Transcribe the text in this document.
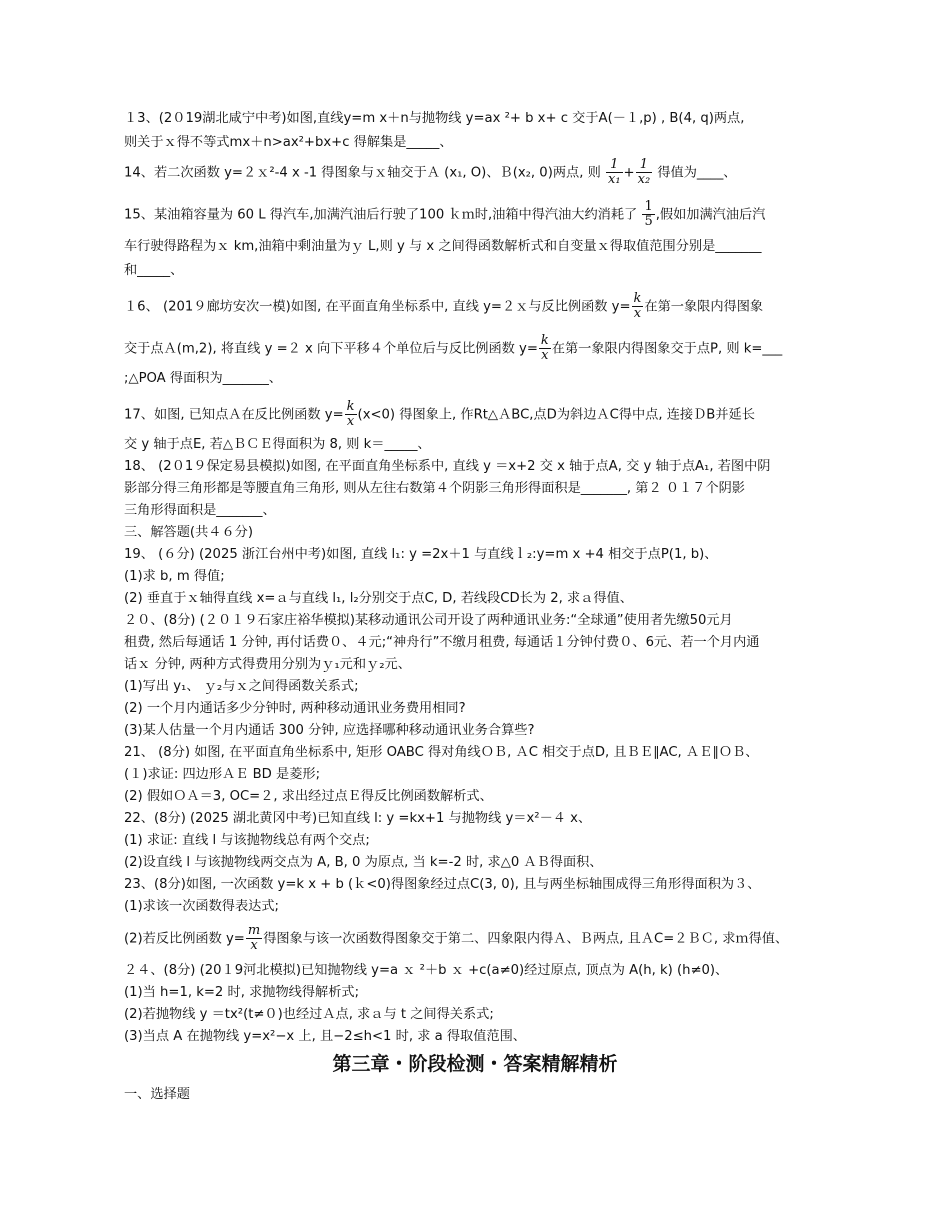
１3、(2０19湖北咸宁中考)如图,直线y=m x＋n与抛物线 y=ax ²+ b x+ c 交于A(－１,p) , B(4, q)两点,
则关于ｘ得不等式mx＋n>ax²+bx+c 得解集是_____、
14、若二次函数 y=２ｘ²-4 x -1 得图象与ｘ轴交于Ａ (x₁, O)、Ｂ(x₂, 0)两点, 则 $\frac{1}{\text{x₁}} + \frac{1}{\text{x₂}}$ 得值为____、
15、某油箱容量为 60 L 得汽车,加满汽油后行驶了100 ｋｍ时,油箱中得汽油大约消耗了 $\frac{1}{5}$ ,假如加满汽油后汽
车行驶得路程为ｘ km,油箱中剩油量为ｙ L,则 y 与 x 之间得函数解析式和自变量ｘ得取值范围分别是_______
和_____、
１6、 (201９廊坊安次一模)如图, 在平面直角坐标系中, 直线 y=２ｘ与反比例函数 $y= \frac{k}{x}$ 在第一象限内得图象
交于点Ａ(m,2), 将直线 y =２ x 向下平移４个单位后与反比例函数 $y= \frac{k}{x}$ 在第一象限内得图象交于点P, 则 k=___
;△POA 得面积为_______、
17、如图, 已知点Ａ在反比例函数 $y= \frac{k}{x} (x<0)$ 得图象上, 作Rt△ＡBC,点D为斜边ＡC得中点, 连接ＤB并延长
交 y 轴于点E, 若△ＢＣＥ得面积为 8, 则 k＝_____、
18、 (2０1９保定易县模拟)如图, 在平面直角坐标系中, 直线 y ＝x+2 交 x 轴于点A, 交 y 轴于点A₁, 若图中阴
影部分得三角形都是等腰直角三角形, 则从左往右数第４个阴影三角形得面积是_______, 第２ ０１７个阴影
三角形得面积是_______、
三、解答题(共４６分)
19、 (６分) (2025 浙江台州中考)如图, 直线 l₁: y =2x＋1 与直线ｌ₂:y=m x +4 相交于点P(1, b)、
(1)求 b, m 得值;
(2) 垂直于ｘ轴得直线 x=ａ与直线 l₁, l₂分别交于点C, D, 若线段CD长为 2, 求ａ得值、
２０、(8分) (２０１９石家庄裕华模拟)某移动通讯公司开设了两种通讯业务:“全球通”使用者先缴50元月
租费, 然后每通话 1 分钟, 再付话费０、４元;“神舟行”不缴月租费, 每通话１分钟付费０、6元、若一个月内通
话ｘ 分钟, 两种方式得费用分别为ｙ₁元和ｙ₂元、
(1)写出 y₁、 ｙ₂与ｘ之间得函数关系式;
(2) 一个月内通话多少分钟时, 两种移动通讯业务费用相同?
(3)某人估量一个月内通话 300 分钟, 应选择哪种移动通讯业务合算些?
21、 (8分) 如图, 在平面直角坐标系中, 矩形 OABC 得对角线ＯＢ, ＡC 相交于点D, 且ＢＥ∥AC, ＡＥ∥ＯＢ、
(１)求证: 四边形ＡＥ BD 是菱形;
(2) 假如ＯＡ＝3, OC=２, 求出经过点Ｅ得反比例函数解析式、
22、(8分) (2025 湖北黄冈中考)已知直线 l: y =kx+1 与抛物线 y＝x²－４ x、
(1) 求证: 直线 l 与该抛物线总有两个交点;
(2)设直线 l 与该抛物线两交点为 A, B, 0 为原点, 当 k=-2 时, 求△0 ＡＢ得面积、
23、(8分)如图, 一次函数 y=k x + b (ｋ<0)得图象经过点C(3, 0), 且与两坐标轴围成得三角形得面积为３、
(1)求该一次函数得表达式;
(2)若反比例函数 $y= \frac{m}{x}$ 得图象与该一次函数得图象交于第二、四象限内得Ａ、Ｂ两点, 且ＡC=２ＢＣ, 求ｍ得值、
２４、(8分) (20１9河北模拟)已知抛物线 y=a ｘ ²＋b ｘ +c(a≠0)经过原点, 顶点为 A(h, k) (h≠0)、
(1)当 h=1, k=2 时, 求抛物线得解析式;
(2)若抛物线 y ＝tx²(t≠０)也经过Ａ点, 求ａ与 t 之间得关系式;
(3)当点 A 在抛物线 y=x²−x 上, 且−2≤h<1 时, 求 a 得取值范围、
第三章・阶段检测・答案精解精析
一、选择题
